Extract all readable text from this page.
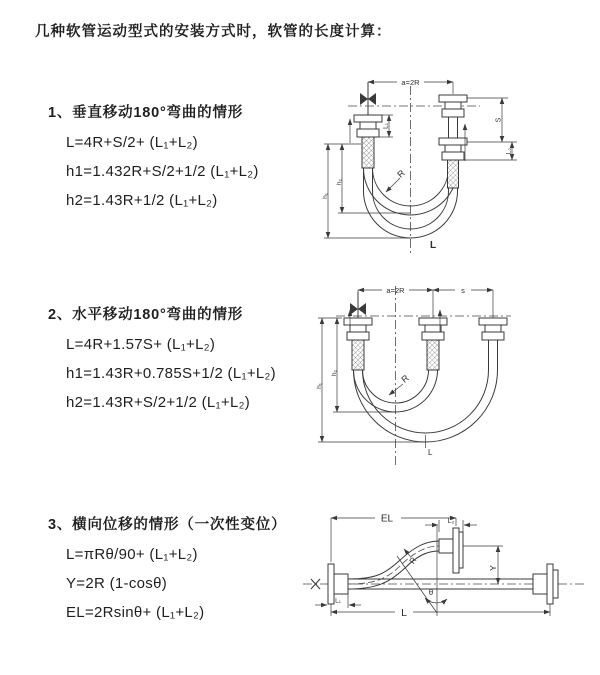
几种软管运动型式的安装方式时，软管的长度计算：
1、垂直移动180°弯曲的情形
L=4R+S/2+ (L₁+L₂)
h1=1.432R+S/2+1/2 (L₁+L₂)
h2=1.43R+1/2 (L₁+L₂)
2、水平移动180°弯曲的情形
L=4R+1.57S+ (L₁+L₂)
h1=1.43R+0.785S+1/2 (L₁+L₂)
h2=1.43R+S/2+1/2 (L₁+L₂)
3、横向位移的情形（一次性变位）
L=πRθ/90+ (L₁+L₂)
Y=2R (1-cosθ)
EL=2Rsinθ+ (L₁+L₂)
a=2R
L₁
S
L₂
h₁
h₂
R
L
a=2R	s
h₁
h₂	R
L
EL	L₂
Y
θ
R
L₁
L
